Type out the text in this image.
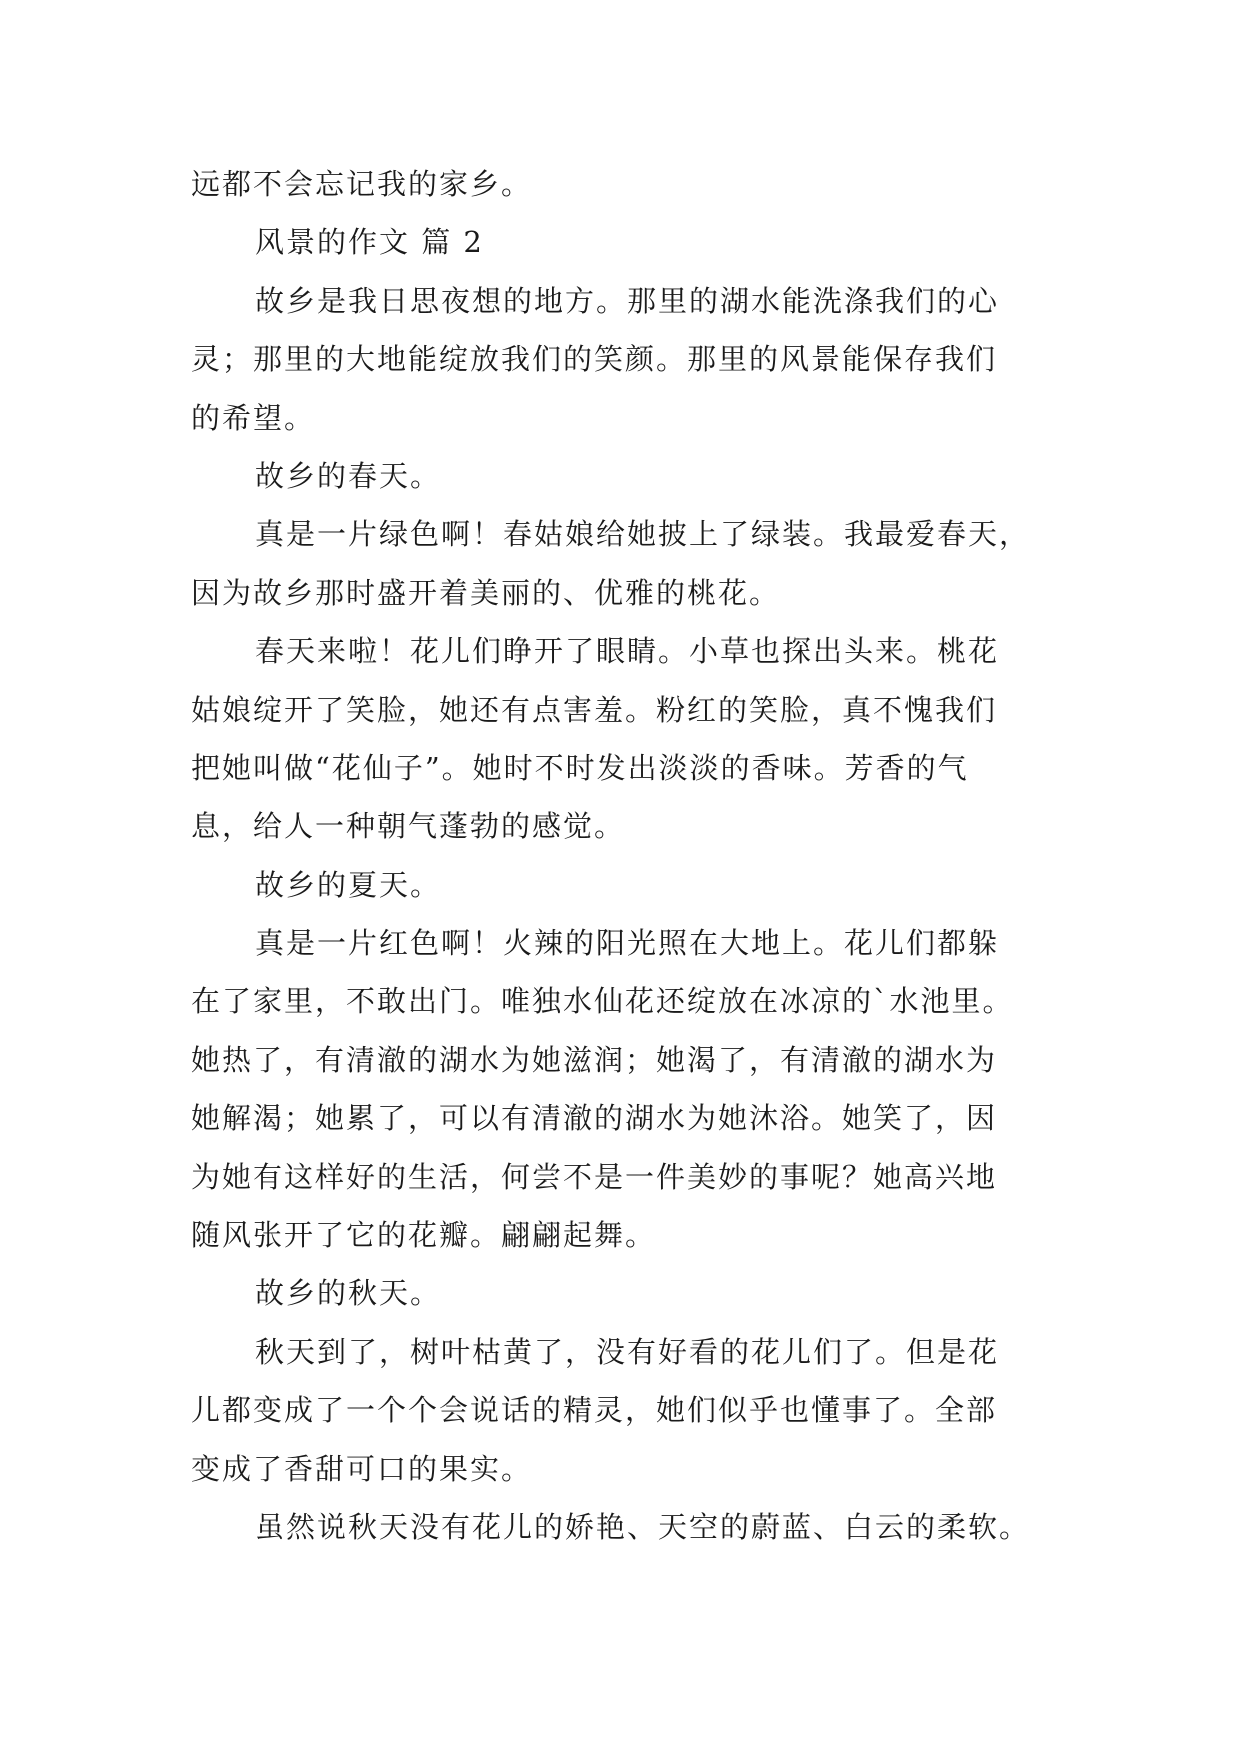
远都不会忘记我的家乡。

风景的作文 篇 2

故乡是我日思夜想的地方。那里的湖水能洗涤我们的心

灵；那里的大地能绽放我们的笑颜。那里的风景能保存我们

的希望。

故乡的春天。

真是一片绿色啊！春姑娘给她披上了绿装。我最爱春天，

因为故乡那时盛开着美丽的、优雅的桃花。

春天来啦！花儿们睁开了眼睛。小草也探出头来。桃花

姑娘绽开了笑脸，她还有点害羞。粉红的笑脸，真不愧我们

把她叫做“花仙子”。她时不时发出淡淡的香味。芳香的气

息，给人一种朝气蓬勃的感觉。

故乡的夏天。

真是一片红色啊！火辣的阳光照在大地上。花儿们都躲

在了家里，不敢出门。唯独水仙花还绽放在冰凉的`水池里。

她热了，有清澈的湖水为她滋润；她渴了，有清澈的湖水为

她解渴；她累了，可以有清澈的湖水为她沐浴。她笑了，因

为她有这样好的生活，何尝不是一件美妙的事呢？她高兴地

随风张开了它的花瓣。翩翩起舞。

故乡的秋天。

秋天到了，树叶枯黄了，没有好看的花儿们了。但是花

儿都变成了一个个会说话的精灵，她们似乎也懂事了。全部

变成了香甜可口的果实。

虽然说秋天没有花儿的娇艳、天空的蔚蓝、白云的柔软。
